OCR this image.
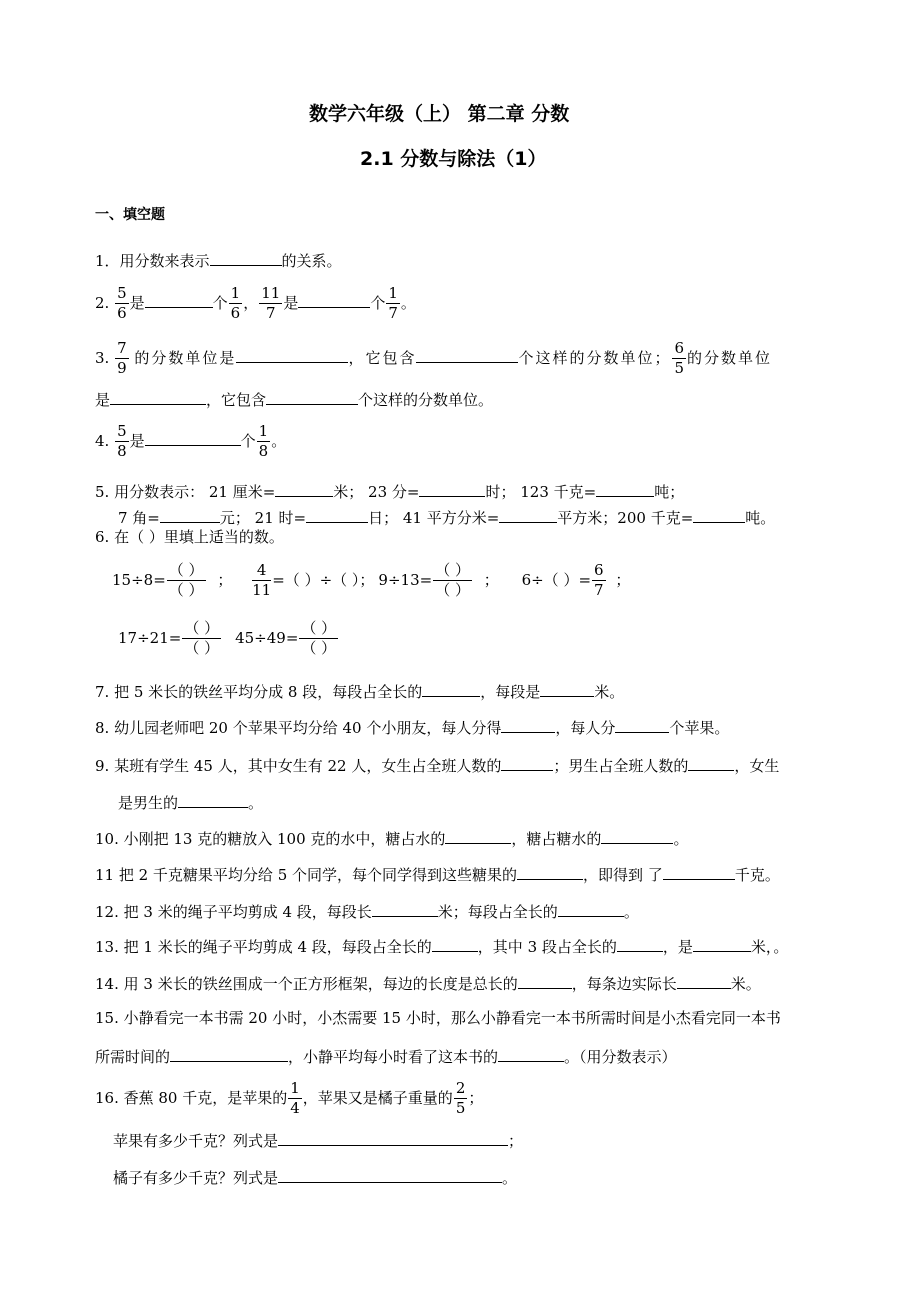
数学六年级（上） 第二章 分数
2.1 分数与除法（1）
一、填空题
1．用分数来表示	的关系。
2. $\frac{5}{6}$ 是	个 $\frac{1}{6}$ ， $\frac{11}{7}$ 是	个 $\frac{1}{7}$ 。
3. $\frac{7}{9}$ 的分数单位是	，它包含	个这样的分数单位； $\frac{6}{5}$ 的分数单位
是	，它包含	个这样的分数单位。
4. $\frac{5}{8}$ 是	个 $\frac{1}{8}$ 。
5. 用分数表示： 21 厘米=	米； 23 分=	时； 123 千克=	吨；
7 角=	元； 21 时=	日； 41 平方分米=	平方米；200 千克=	吨。
6. 在（ ）里填上适当的数。
$15\div 8= \frac{( )}{( )}$ ； $\frac{4}{11}$ =（ ）÷（ ）； $9\div 13= \frac{( )}{( )}$ ； 6÷（ ）= $\frac{6}{7}$ ；
$17\div 21= \frac{( )}{( )} 45\div 49= \frac{( )}{( )}$
7. 把 5 米长的铁丝平均分成 8 段，每段占全长的	，每段是	米。
8. 幼儿园老师吧 20 个苹果平均分给 40 个小朋友，每人分得	，每人分	个苹果。
9. 某班有学生 45 人，其中女生有 22 人，女生占全班人数的	；男生占全班人数的	，女生
是男生的	。
10. 小刚把 13 克的糖放入 100 克的水中，糖占水的	，糖占糖水的	。
11 把 2 千克糖果平均分给 5 个同学，每个同学得到这些糖果的	，即得到 了	千克。
12. 把 3 米的绳子平均剪成 4 段，每段长	米；每段占全长的	。
13. 把 1 米长的绳子平均剪成 4 段，每段占全长的	，其中 3 段占全长的	，是	米，。
14. 用 3 米长的铁丝围成一个正方形框架，每边的长度是总长的	，每条边实际长	米。
15. 小静看完一本书需 20 小时，小杰需要 15 小时，那么小静看完一本书所需时间是小杰看完同一本书
所需时间的	，小静平均每小时看了这本书的	。（用分数表示）
16. 香蕉 80 千克，是苹果的 $\frac{1}{4}$ ，苹果又是橘子重量的 $\frac{2}{5}$ ；
苹果有多少千克？列式是	；
橘子有多少千克？列式是	。
